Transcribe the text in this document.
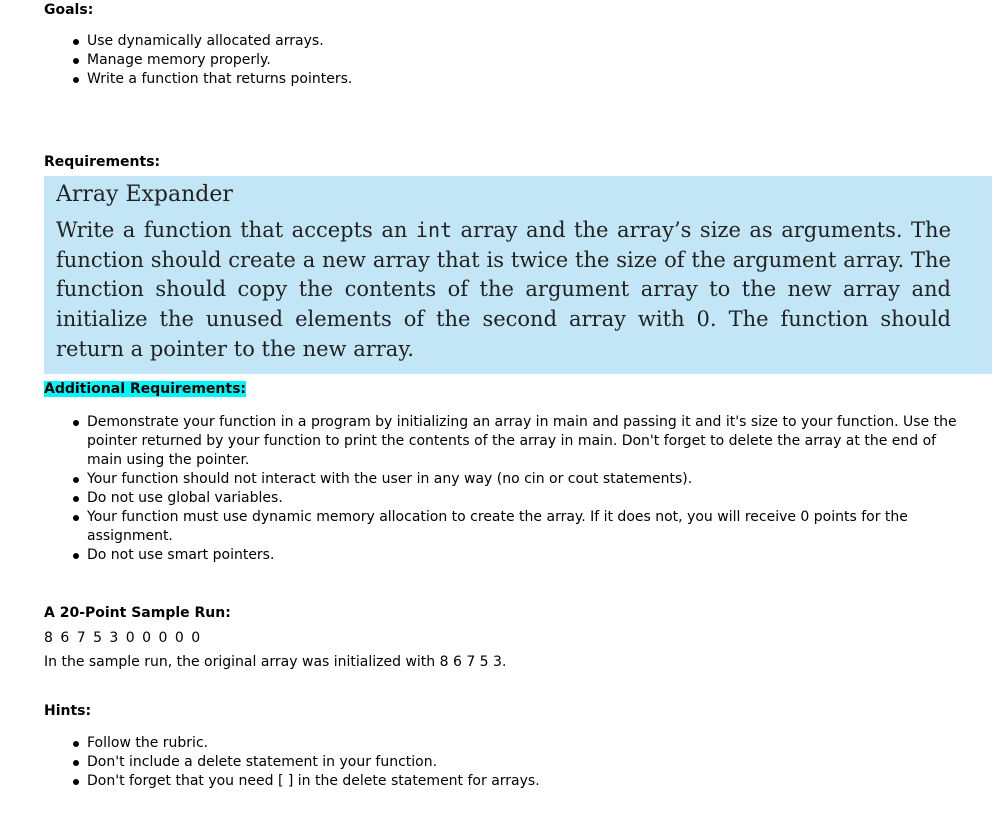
Goals:
Use dynamically allocated arrays.
Manage memory properly.
Write a function that returns pointers.
Requirements:

Array Expander

Write a function that accepts an int array and the array’s size as arguments. The function should create a new array that is twice the size of the argument array. The function should copy the contents of the argument array to the new array and initialize the unused elements of the second array with 0. The function should return a pointer to the new array.

Additional Requirements:
Demonstrate your function in a program by initializing an array in main and passing it and it's size to your function. Use the pointer returned by your function to print the contents of the array in main. Don't forget to delete the array at the end of main using the pointer.
Your function should not interact with the user in any way (no cin or cout statements).
Do not use global variables.
Your function must use dynamic memory allocation to create the array. If it does not, you will receive 0 points for the assignment.
Do not use smart pointers.
A 20-Point Sample Run:

8 6 7 5 3 0 0 0 0 0

In the sample run, the original array was initialized with 8 6 7 5 3.

Hints:
Follow the rubric.
Don't include a delete statement in your function.
Don't forget that you need [ ] in the delete statement for arrays.
